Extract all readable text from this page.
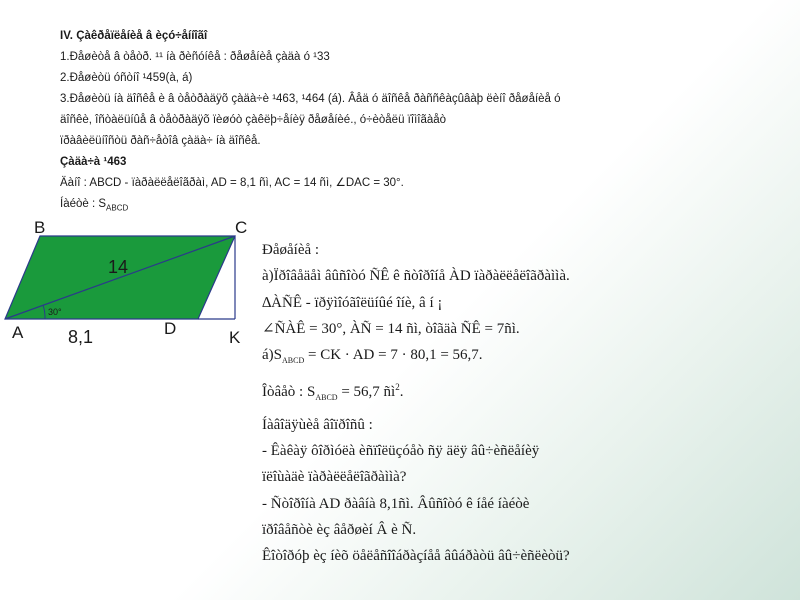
IV. Çàêðåïëåíèå â èçó÷åííîãî
1.Ðåøèòå â òåòð. ¹¹ íà ðèñóíêå : ðåøåíèå çàäà ó ¹33
2.Ðåøèòü óñòíî ¹459(à, á)
3.Ðåøèòü íà äîñêå è â òåòðàäÿõ çàäà÷è ¹463, ¹464 (á). Âåä ó äîñêå ðàññêàçûâàþ ëèíî ðåøåíèå ó
äîñêè, îñòàëüíûå â òåòðàäÿõ ïèøóò çàêëþ÷åíèÿ ðåøåíèé., ó÷èòåëü ïîìîãàåò
ïðàâèëüíîñòü ðàñ÷åòîâ çàäà÷ íà äîñêå.
Çàäà÷à ¹463
Äàíî : ABCD - ïàðàëëåëîãðàì, AD = 8,1 ñì, AC = 14 ñì, ∠DAC = 30°.
Íàéòè : $S_{ABCD}$
30°
14
B	C
A	D	K
8,1
Ðåøåíèå :
à)Ïðîâåäåì âûñîòó ÑÊ ê ñòîðîíå ÀD ïàðàëëåëîãðàììà.
∆ÀÑÊ - ïðÿìîóãîëüíûé îíè, â í ¡
∠ÑÀÊ = 30°, ÀÑ = 14 ñì, òîãäà ÑÊ = 7ñì.
$á)S_{ABCD}$ = CK · AD = 7 · 80,1 = 56,7.
Îòâåò : $S_{ABCD} = 56,7$ $ñì^2$.
Íàâîäÿùèå âîïðîñû :
- Êàêàÿ ôîðìóëà èñïîëüçóåò ñÿ äëÿ âû÷èñëåíèÿ
ïëîùàäè ïàðàëëåëîãðàììà?
- Ñòîðîíà AD ðàâíà 8,1ñì. Âûñîòó ê íåé íàéòè
ïðîâåñòè èç âåðøèí Â è Ñ.
Êîòîðóþ èç íèõ öåëåñîîáðàçíåå âûáðàòü âû÷èñëèòü?
